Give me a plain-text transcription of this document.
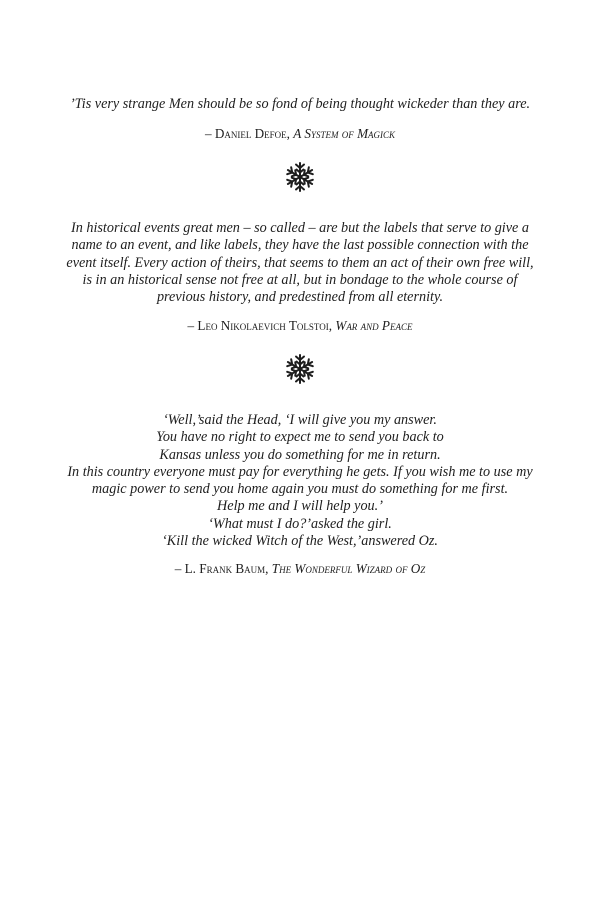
’Tis very strange Men should be so fond of being thought wickeder than they are.

– Daniel Defoe, A System of Magick

In historical events great men – so called – are but the labels that serve to give a
name to an event, and like labels, they have the last possible connection with the
event itself. Every action of theirs, that seems to them an act of their own free will,
is in an historical sense not free at all, but in bondage to the whole course of
previous history, and predestined from all eternity.

– Leo Nikolaevich Tolstoi, War and Peace

‘Well,’said the Head, ‘I will give you my answer.
You have no right to expect me to send you back to
Kansas unless you do something for me in return.
In this country everyone must pay for everything he gets. If you wish me to use my
magic power to send you home again you must do something for me first.
Help me and I will help you.’
‘What must I do?’asked the girl.
‘Kill the wicked Witch of the West,’answered Oz.

– L. Frank Baum, The Wonderful Wizard of Oz
